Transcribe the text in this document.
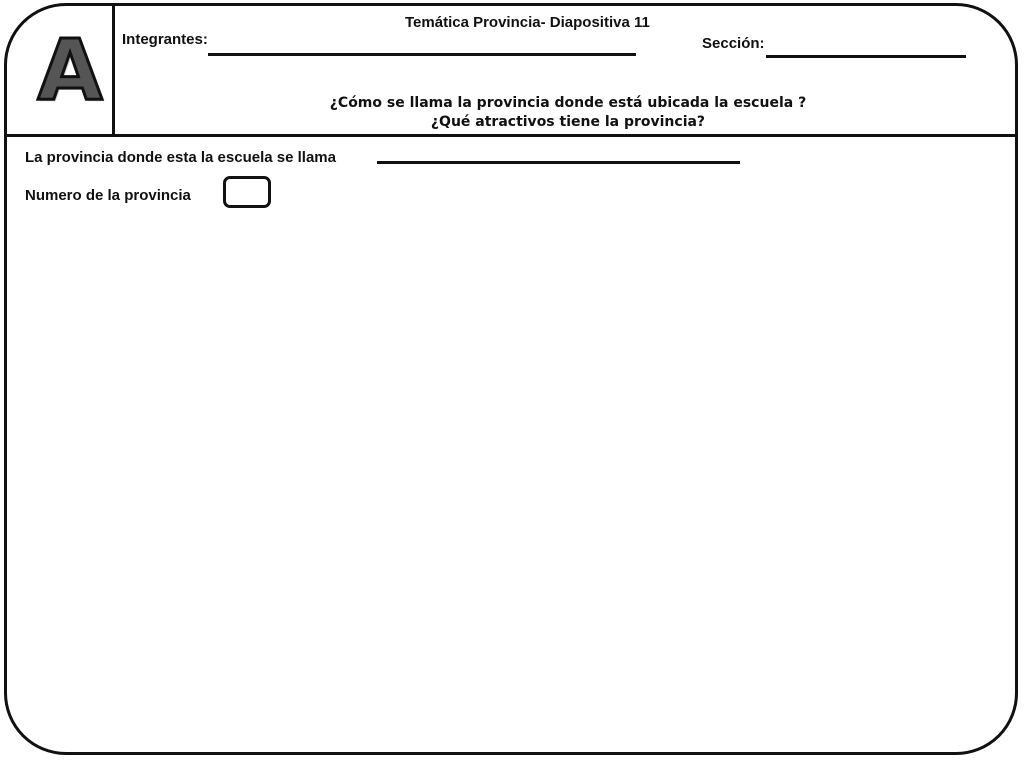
A	Temática Provincia- Diapositiva 11
Integrantes:	Sección:
¿Cómo se llama la provincia donde está ubicada la escuela ?
¿Qué atractivos tiene la provincia?
La provincia donde esta la escuela se llama
Numero de la provincia
